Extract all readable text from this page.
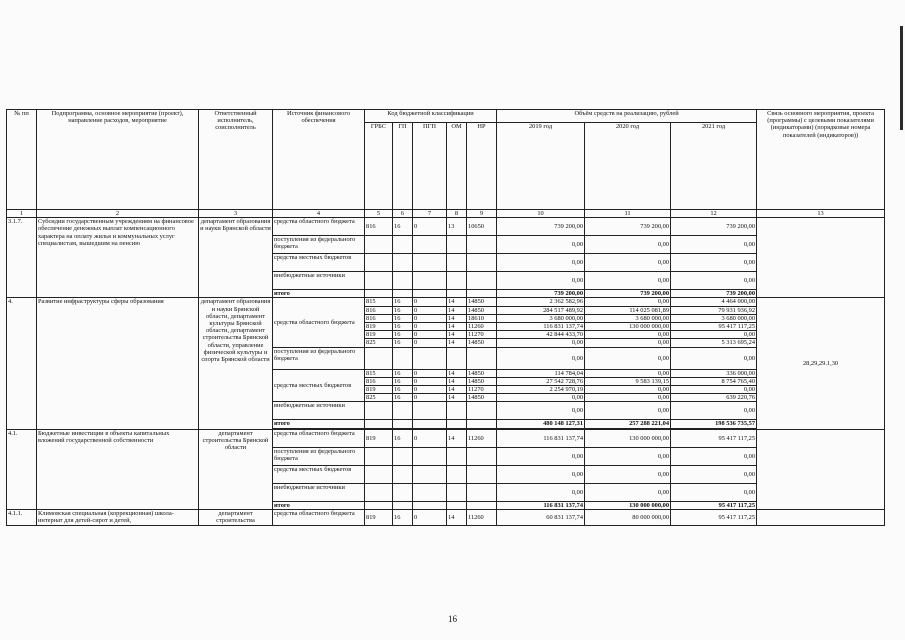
№ пп	Подпрограмма, основное мероприятие (проект), направление расходов, мероприятие	Ответственный исполнитель, соисполнитель	Источник финансового обеспечения	Код бюджетной классификации					Объём средств на реализацию, рублей			Связь основного мероприятия, проекта (программы) с целевыми показателями (индикаторами) (порядковые номера показателей (индикаторов))
				ГРБС	ГП	ПГП	ОМ	НР	2019 год	2020 год	2021 год	
1	2	3	4	5	6	7	8	9	10	11	12	13
3.1.7.	Субсидии государственным учреждениям на финансовое обеспечение денежных выплат компенсационного характера на оплату жилья и коммунальных услуг специалистам, вышедшим на пенсию	департамент образования и науки Брянской области	средства областного бюджета	816	16	0	13	10650	739 200,00	739 200,00	739 200,00	
			поступления из федерального бюджета						0,00	0,00	0,00	
			средства местных бюджетов						0,00	0,00	0,00	
			внебюджетные источники						0,00	0,00	0,00	
			итого						739 200,00	739 200,00	739 200,00	
4.	Развитие инфраструктуры сферы образования	департамент образования и науки Брянской области, департамент культуры Брянской области, департамент строительства Брянской области, управление физической культуры и спорта Брянской области	средства областного бюджета	815	16	0	14	14850	2 362 582,96	0,00	4 464 000,00	28,29,29.1,30
				816	16	0	14	14850	284 517 489,92	114 025 081,89	79 931 936,92	
				816	16	0	14	18610	3 680 000,00	3 680 000,00	3 680 000,00	
				819	16	0	14	11260	116 831 137,74	130 000 000,00	95 417 117,25	
				819	16	0	14	11270	42 844 433,70	0,00	0,00	
				825	16	0	14	14850	0,00	0,00	5 313 695,24	
			поступления из федерального бюджета						0,00	0,00	0,00	
			средства местных бюджетов	815	16	0	14	14850	114 784,04	0,00	336 000,00	
				816	16	0	14	14850	27 542 728,76	9 583 139,15	8 754 765,40	
				819	16	0	14	11270	2 254 970,19	0,00	0,00	
				825	16	0	14	14850	0,00	0,00	639 220,76	
			внебюджетные источники						0,00	0,00	0,00	
			итого						480 148 127,31	257 288 221,04	198 536 735,57	

4.1.	Бюджетные инвестиции в объекты капитальных вложений государственной собственности	департамент строительства Брянской области	средства областного бюджета	819	16	0	14	11260	116 831 137,74	130 000 000,00	95 417 117,25	
			поступления из федерального бюджета						0,00	0,00	0,00	
			средства местных бюджетов						0,00	0,00	0,00	
			внебюджетные источники						0,00	0,00	0,00	
			итого						116 831 137,74	130 000 000,00	95 417 117,25	
4.1.1.	Климовская специальная (коррекционная) школа-интернат для детей-сирот и детей,	департамент строительства	средства областного бюджета	819	16	0	14	11260	60 831 137,74	80 000 000,00	95 417 117,25	
16
